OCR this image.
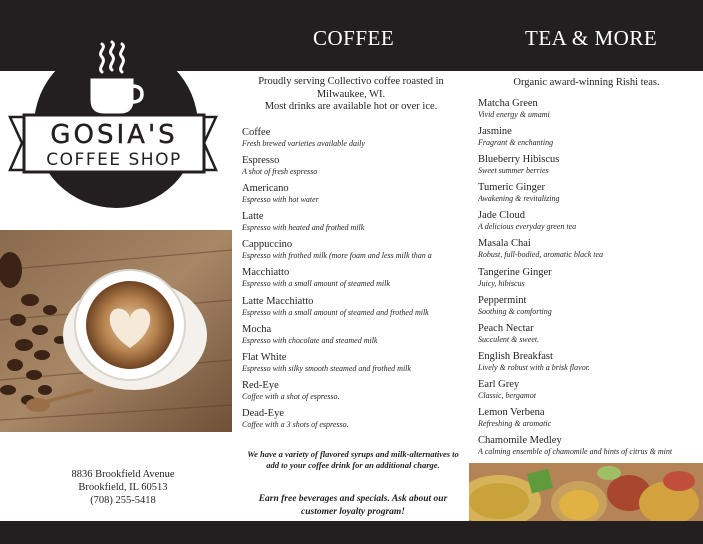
COFFEE	TEA & MORE
GOSIA'S
COFFEE SHOP
8836 Brookfield Avenue
Brookfield, IL 60513
(708) 255-5418
Proudly serving Collectivo coffee roasted in
Milwaukee, WI.
Most drinks are available hot or over ice.
Coffee
Fresh brewed varieties available daily
Espresso
A shot of fresh espresso
Americano
Espresso with hot water
Latte
Espresso with heated and frothed milk
Cappuccino
Espresso with frothed milk (more foam and less milk than a
Macchiatto
Espresso with a small amount of steamed milk
Latte Macchiatto
Espresso with a small amount of steamed and frothed milk
Mocha
Espresso with chocolate and steamed milk
Flat White
Espresso with silky smooth steamed and frothed milk
Red-Eye
Coffee with a shot of espresso.
Dead-Eye
Coffee with a 3 shots of espresso.
We have a variety of flavored syrups and milk-alternatives to
add to your coffee drink for an additional charge.
Earn free beverages and specials. Ask about our
customer loyalty program!
Organic award-winning Rishi teas.
Matcha Green
Vivid energy & umami
Jasmine
Fragrant & enchanting
Blueberry Hibiscus
Sweet summer berries
Tumeric Ginger
Awakening & revitalizing
Jade Cloud
A delicious everyday green tea
Masala Chai
Robust, full-bodied, aromatic black tea
Tangerine Ginger
Juicy, hibiscus
Peppermint
Soothing & comforting
Peach Nectar
Succulent & sweet.
English Breakfast
Lively & robust with a brisk flavor.
Earl Grey
Classic, bergamot
Lemon Verbena
Refreshing & aromatic
Chamomile Medley
A calming ensemble of chamomile and hints of citrus & mint
